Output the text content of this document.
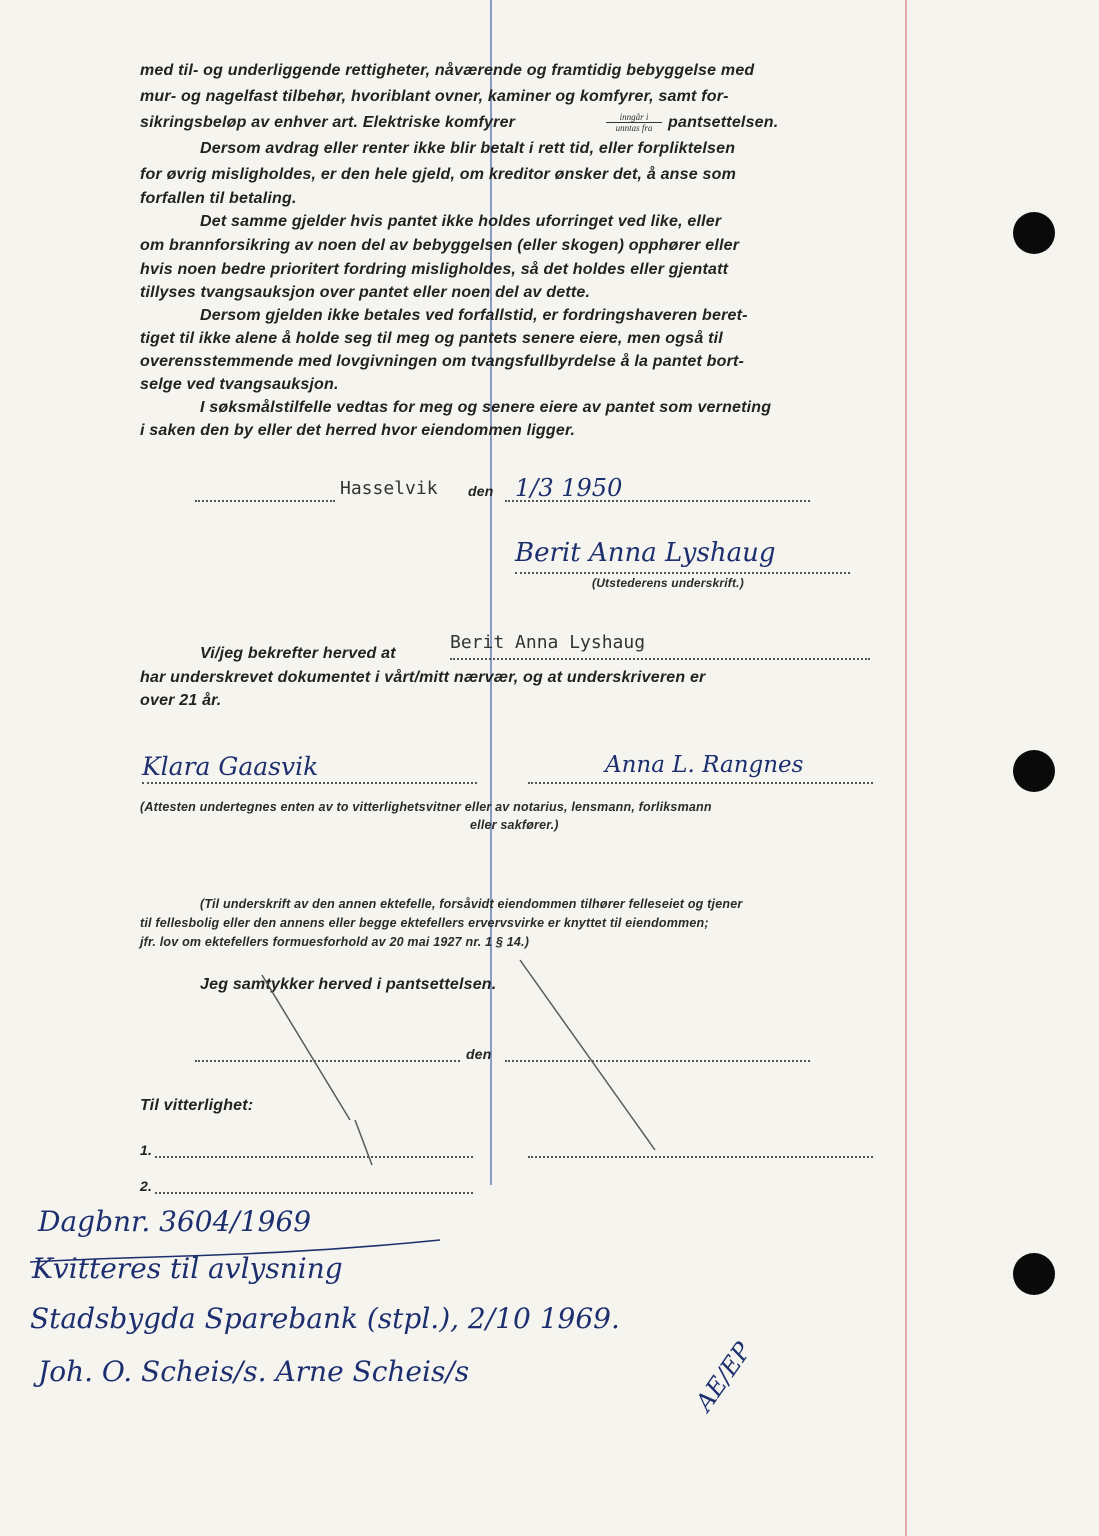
med til- og underliggende rettigheter, nåværende og framtidig bebyggelse med
mur- og nagelfast tilbehør, hvoriblant ovner, kaminer og komfyrer, samt for-
sikringsbeløp av enhver art. Elektriske komfyrer	inngår i
unntas fra pantsettelsen.
Dersom avdrag eller renter ikke blir betalt i rett tid, eller forpliktelsen
for øvrig misligholdes, er den hele gjeld, om kreditor ønsker det, å anse som
forfallen til betaling.
Det samme gjelder hvis pantet ikke holdes uforringet ved like, eller
om brannforsikring av noen del av bebyggelsen (eller skogen) opphører eller
hvis noen bedre prioritert fordring misligholdes, så det holdes eller gjentatt
tillyses tvangsauksjon over pantet eller noen del av dette.
Dersom gjelden ikke betales ved forfallstid, er fordringshaveren beret-
tiget til ikke alene å holde seg til meg og pantets senere eiere, men også til
overensstemmende med lovgivningen om tvangsfullbyrdelse å la pantet bort-
selge ved tvangsauksjon.
I søksmålstilfelle vedtas for meg og senere eiere av pantet som verneting
i saken den by eller det herred hvor eiendommen ligger.
Hasselvik den 1/3 1950
Berit Anna Lyshaug
(Utstederens underskrift.)
Vi/jeg bekrefter herved at
Berit Anna Lyshaug
har underskrevet dokumentet i vårt/mitt nærvær, og at underskriveren er
over 21 år.
Klara Gaasvik	Anna L. Rangnes
(Attesten undertegnes enten av to vitterlighetsvitner eller av notarius, lensmann, forliksmann
eller sakfører.)
(Til underskrift av den annen ektefelle, forsåvidt eiendommen tilhører felleseiet og tjener
til fellesbolig eller den annens eller begge ektefellers ervervsvirke er knyttet til eiendommen;
jfr. lov om ektefellers formuesforhold av 20 mai 1927 nr. 1 § 14.)
Jeg samtykker herved i pantsettelsen.
den
Til vitterlighet:
1.
2.
Dagbnr. 3604/1969
Kvitteres til avlysning
Stadsbygda Sparebank (stpl.), 2/10 1969.
Joh. O. Scheis/s. Arne Scheis/s	AE/EP
